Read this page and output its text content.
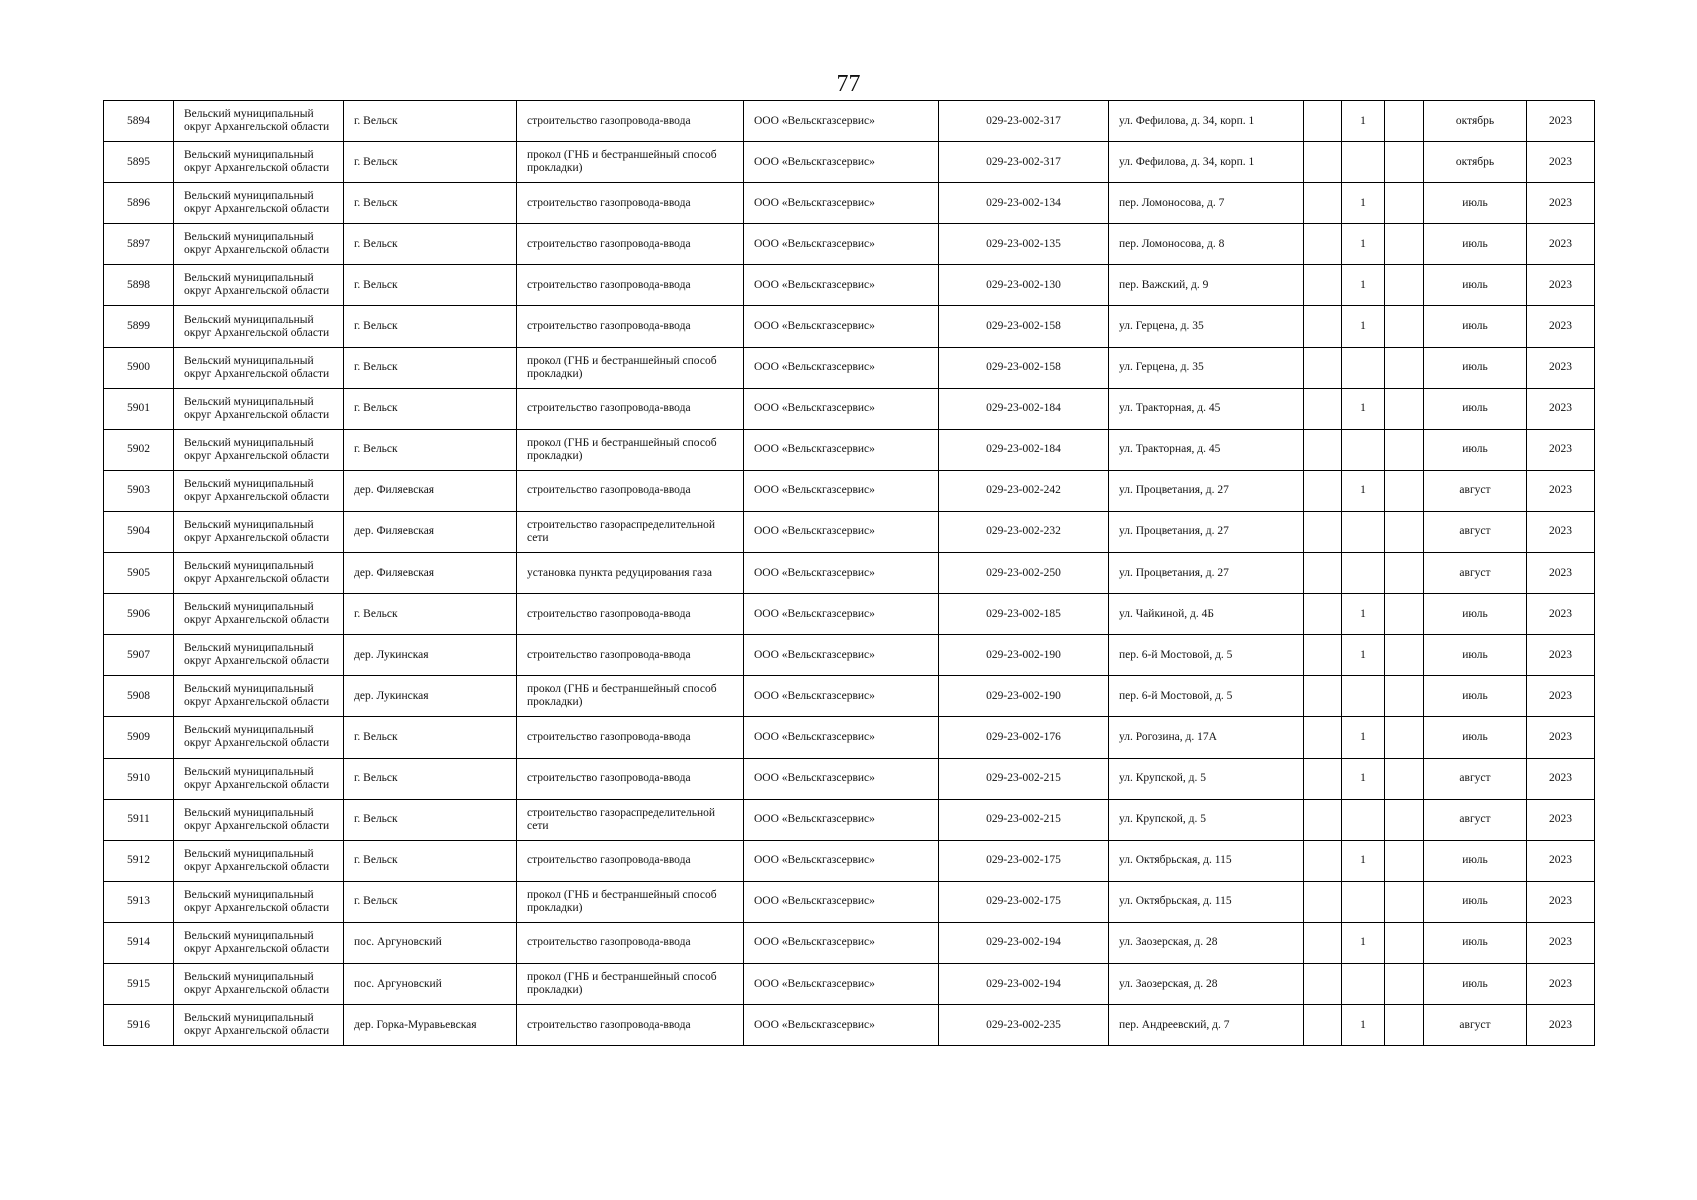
77
5894	Вельский муниципальный округ Архангельской области	г. Вельск	строительство газопровода-ввода	ООО «Вельскгазсервис»	029-23-002-317	ул. Фефилова, д. 34, корп. 1		1		октябрь	2023
5895	Вельский муниципальный округ Архангельской области	г. Вельск	прокол (ГНБ и бестраншейный способ прокладки)	ООО «Вельскгазсервис»	029-23-002-317	ул. Фефилова, д. 34, корп. 1				октябрь	2023
5896	Вельский муниципальный округ Архангельской области	г. Вельск	строительство газопровода-ввода	ООО «Вельскгазсервис»	029-23-002-134	пер. Ломоносова, д. 7		1		июль	2023
5897	Вельский муниципальный округ Архангельской области	г. Вельск	строительство газопровода-ввода	ООО «Вельскгазсервис»	029-23-002-135	пер. Ломоносова, д. 8		1		июль	2023
5898	Вельский муниципальный округ Архангельской области	г. Вельск	строительство газопровода-ввода	ООО «Вельскгазсервис»	029-23-002-130	пер. Важский, д. 9		1		июль	2023
5899	Вельский муниципальный округ Архангельской области	г. Вельск	строительство газопровода-ввода	ООО «Вельскгазсервис»	029-23-002-158	ул. Герцена, д. 35		1		июль	2023
5900	Вельский муниципальный округ Архангельской области	г. Вельск	прокол (ГНБ и бестраншейный способ прокладки)	ООО «Вельскгазсервис»	029-23-002-158	ул. Герцена, д. 35				июль	2023
5901	Вельский муниципальный округ Архангельской области	г. Вельск	строительство газопровода-ввода	ООО «Вельскгазсервис»	029-23-002-184	ул. Тракторная, д. 45		1		июль	2023
5902	Вельский муниципальный округ Архангельской области	г. Вельск	прокол (ГНБ и бестраншейный способ прокладки)	ООО «Вельскгазсервис»	029-23-002-184	ул. Тракторная, д. 45				июль	2023
5903	Вельский муниципальный округ Архангельской области	дер. Филяевская	строительство газопровода-ввода	ООО «Вельскгазсервис»	029-23-002-242	ул. Процветания, д. 27		1		август	2023
5904	Вельский муниципальный округ Архангельской области	дер. Филяевская	строительство газораспределительной сети	ООО «Вельскгазсервис»	029-23-002-232	ул. Процветания, д. 27				август	2023
5905	Вельский муниципальный округ Архангельской области	дер. Филяевская	установка пункта редуцирования газа	ООО «Вельскгазсервис»	029-23-002-250	ул. Процветания, д. 27				август	2023
5906	Вельский муниципальный округ Архангельской области	г. Вельск	строительство газопровода-ввода	ООО «Вельскгазсервис»	029-23-002-185	ул. Чайкиной, д. 4Б		1		июль	2023
5907	Вельский муниципальный округ Архангельской области	дер. Лукинская	строительство газопровода-ввода	ООО «Вельскгазсервис»	029-23-002-190	пер. 6-й Мостовой, д. 5		1		июль	2023
5908	Вельский муниципальный округ Архангельской области	дер. Лукинская	прокол (ГНБ и бестраншейный способ прокладки)	ООО «Вельскгазсервис»	029-23-002-190	пер. 6-й Мостовой, д. 5				июль	2023
5909	Вельский муниципальный округ Архангельской области	г. Вельск	строительство газопровода-ввода	ООО «Вельскгазсервис»	029-23-002-176	ул. Рогозина, д. 17А		1		июль	2023
5910	Вельский муниципальный округ Архангельской области	г. Вельск	строительство газопровода-ввода	ООО «Вельскгазсервис»	029-23-002-215	ул. Крупской, д. 5		1		август	2023
5911	Вельский муниципальный округ Архангельской области	г. Вельск	строительство газораспределительной сети	ООО «Вельскгазсервис»	029-23-002-215	ул. Крупской, д. 5				август	2023
5912	Вельский муниципальный округ Архангельской области	г. Вельск	строительство газопровода-ввода	ООО «Вельскгазсервис»	029-23-002-175	ул. Октябрьская, д. 115		1		июль	2023
5913	Вельский муниципальный округ Архангельской области	г. Вельск	прокол (ГНБ и бестраншейный способ прокладки)	ООО «Вельскгазсервис»	029-23-002-175	ул. Октябрьская, д. 115				июль	2023
5914	Вельский муниципальный округ Архангельской области	пос. Аргуновский	строительство газопровода-ввода	ООО «Вельскгазсервис»	029-23-002-194	ул. Заозерская, д. 28		1		июль	2023
5915	Вельский муниципальный округ Архангельской области	пос. Аргуновский	прокол (ГНБ и бестраншейный способ прокладки)	ООО «Вельскгазсервис»	029-23-002-194	ул. Заозерская, д. 28				июль	2023
5916	Вельский муниципальный округ Архангельской области	дер. Горка-Муравьевская	строительство газопровода-ввода	ООО «Вельскгазсервис»	029-23-002-235	пер. Андреевский, д. 7		1		август	2023
